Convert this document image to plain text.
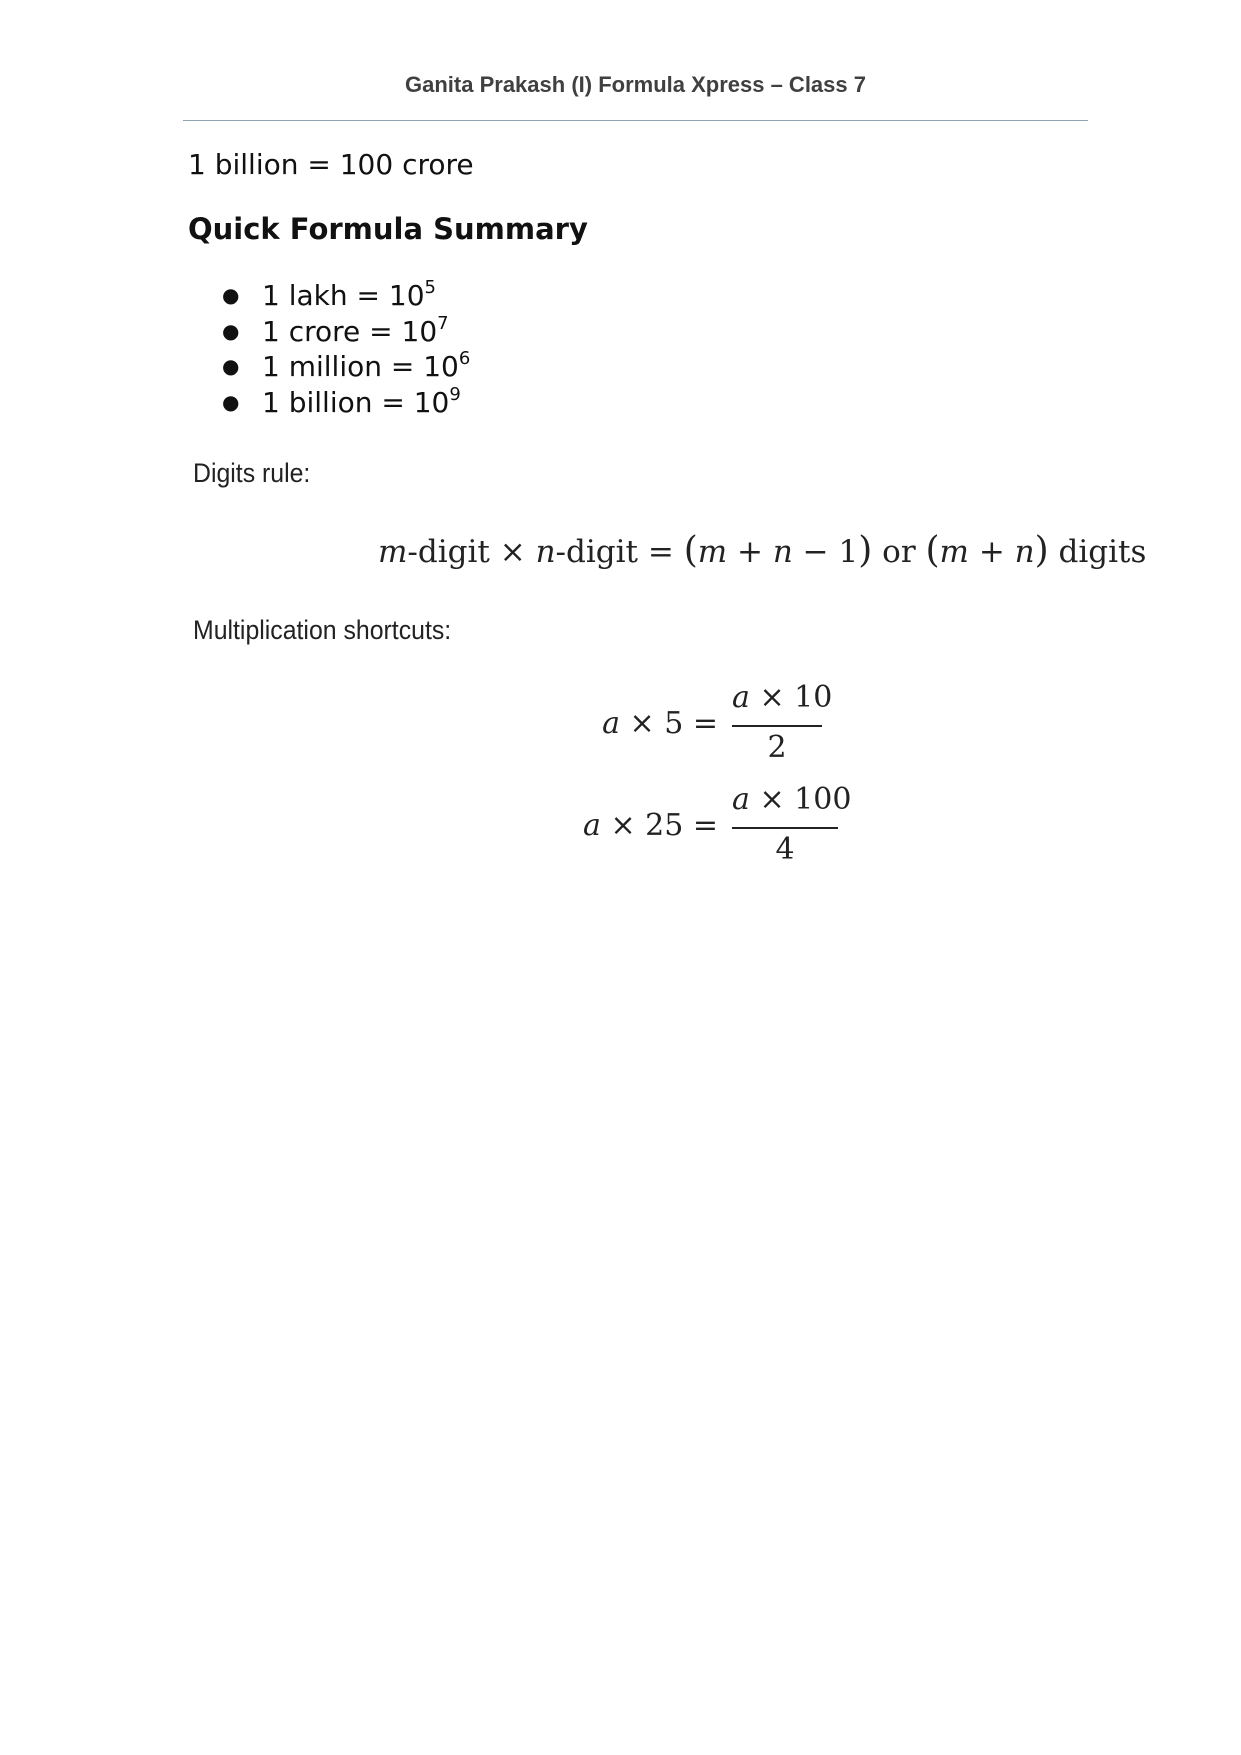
Ganita Prakash (I) Formula Xpress – Class 7
1 billion = 100 crore
Quick Formula Summary
● 1 lakh = $10^5$
● 1 crore = $10^7$
● 1 million = $10^6$
● 1 billion = $10^9$
Digits rule:
m-digit × n-digit = (m + n − 1) or (m + n) digits
Multiplication shortcuts:
a × 5 =
a × 10
2
a × 25 =
a × 100
4
